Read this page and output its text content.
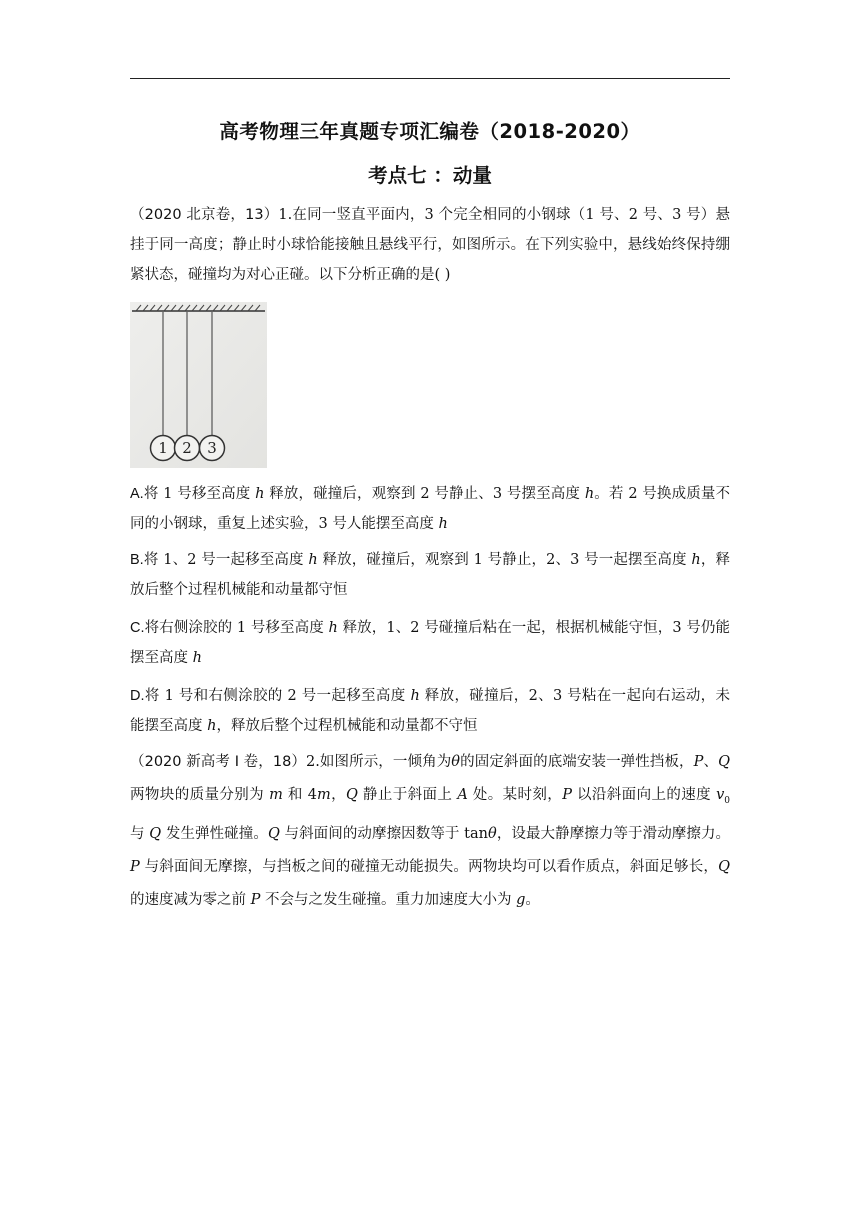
高考物理三年真题专项汇编卷（2018-2020）
考点七 ：动量

（2020 北京卷，13）1.在同一竖直平面内，3 个完全相同的小钢球（1 号、2 号、3 号）悬挂于同一高度；静止时小球恰能接触且悬线平行，如图所示。在下列实验中，悬线始终保持绷紧状态，碰撞均为对心正碰。以下分析正确的是( )

1 2 3

A.将 1 号移至高度 h 释放，碰撞后，观察到 2 号静止、3 号摆至高度 h。若 2 号换成质量不同的小钢球，重复上述实验，3 号人能摆至高度 h

B.将 1、2 号一起移至高度 h 释放，碰撞后，观察到 1 号静止，2、3 号一起摆至高度 h，释放后整个过程机械能和动量都守恒

C.将右侧涂胶的 1 号移至高度 h 释放，1、2 号碰撞后粘在一起，根据机械能守恒，3 号仍能摆至高度 h

D.将 1 号和右侧涂胶的 2 号一起移至高度 h 释放，碰撞后，2、3 号粘在一起向右运动，未能摆至高度 h，释放后整个过程机械能和动量都不守恒

（2020 新高考 I 卷，18）2.如图所示，一倾角为θ的固定斜面的底端安装一弹性挡板，P、Q两物块的质量分别为 m 和 4m，Q 静止于斜面上 A 处。某时刻，P 以沿斜面向上的速度 $v_0$ 与 Q 发生弹性碰撞。Q 与斜面间的动摩擦因数等于 tanθ，设最大静摩擦力等于滑动摩擦力。P 与斜面间无摩擦，与挡板之间的碰撞无动能损失。两物块均可以看作质点，斜面足够长，Q 的速度减为零之前 P 不会与之发生碰撞。重力加速度大小为 g。
